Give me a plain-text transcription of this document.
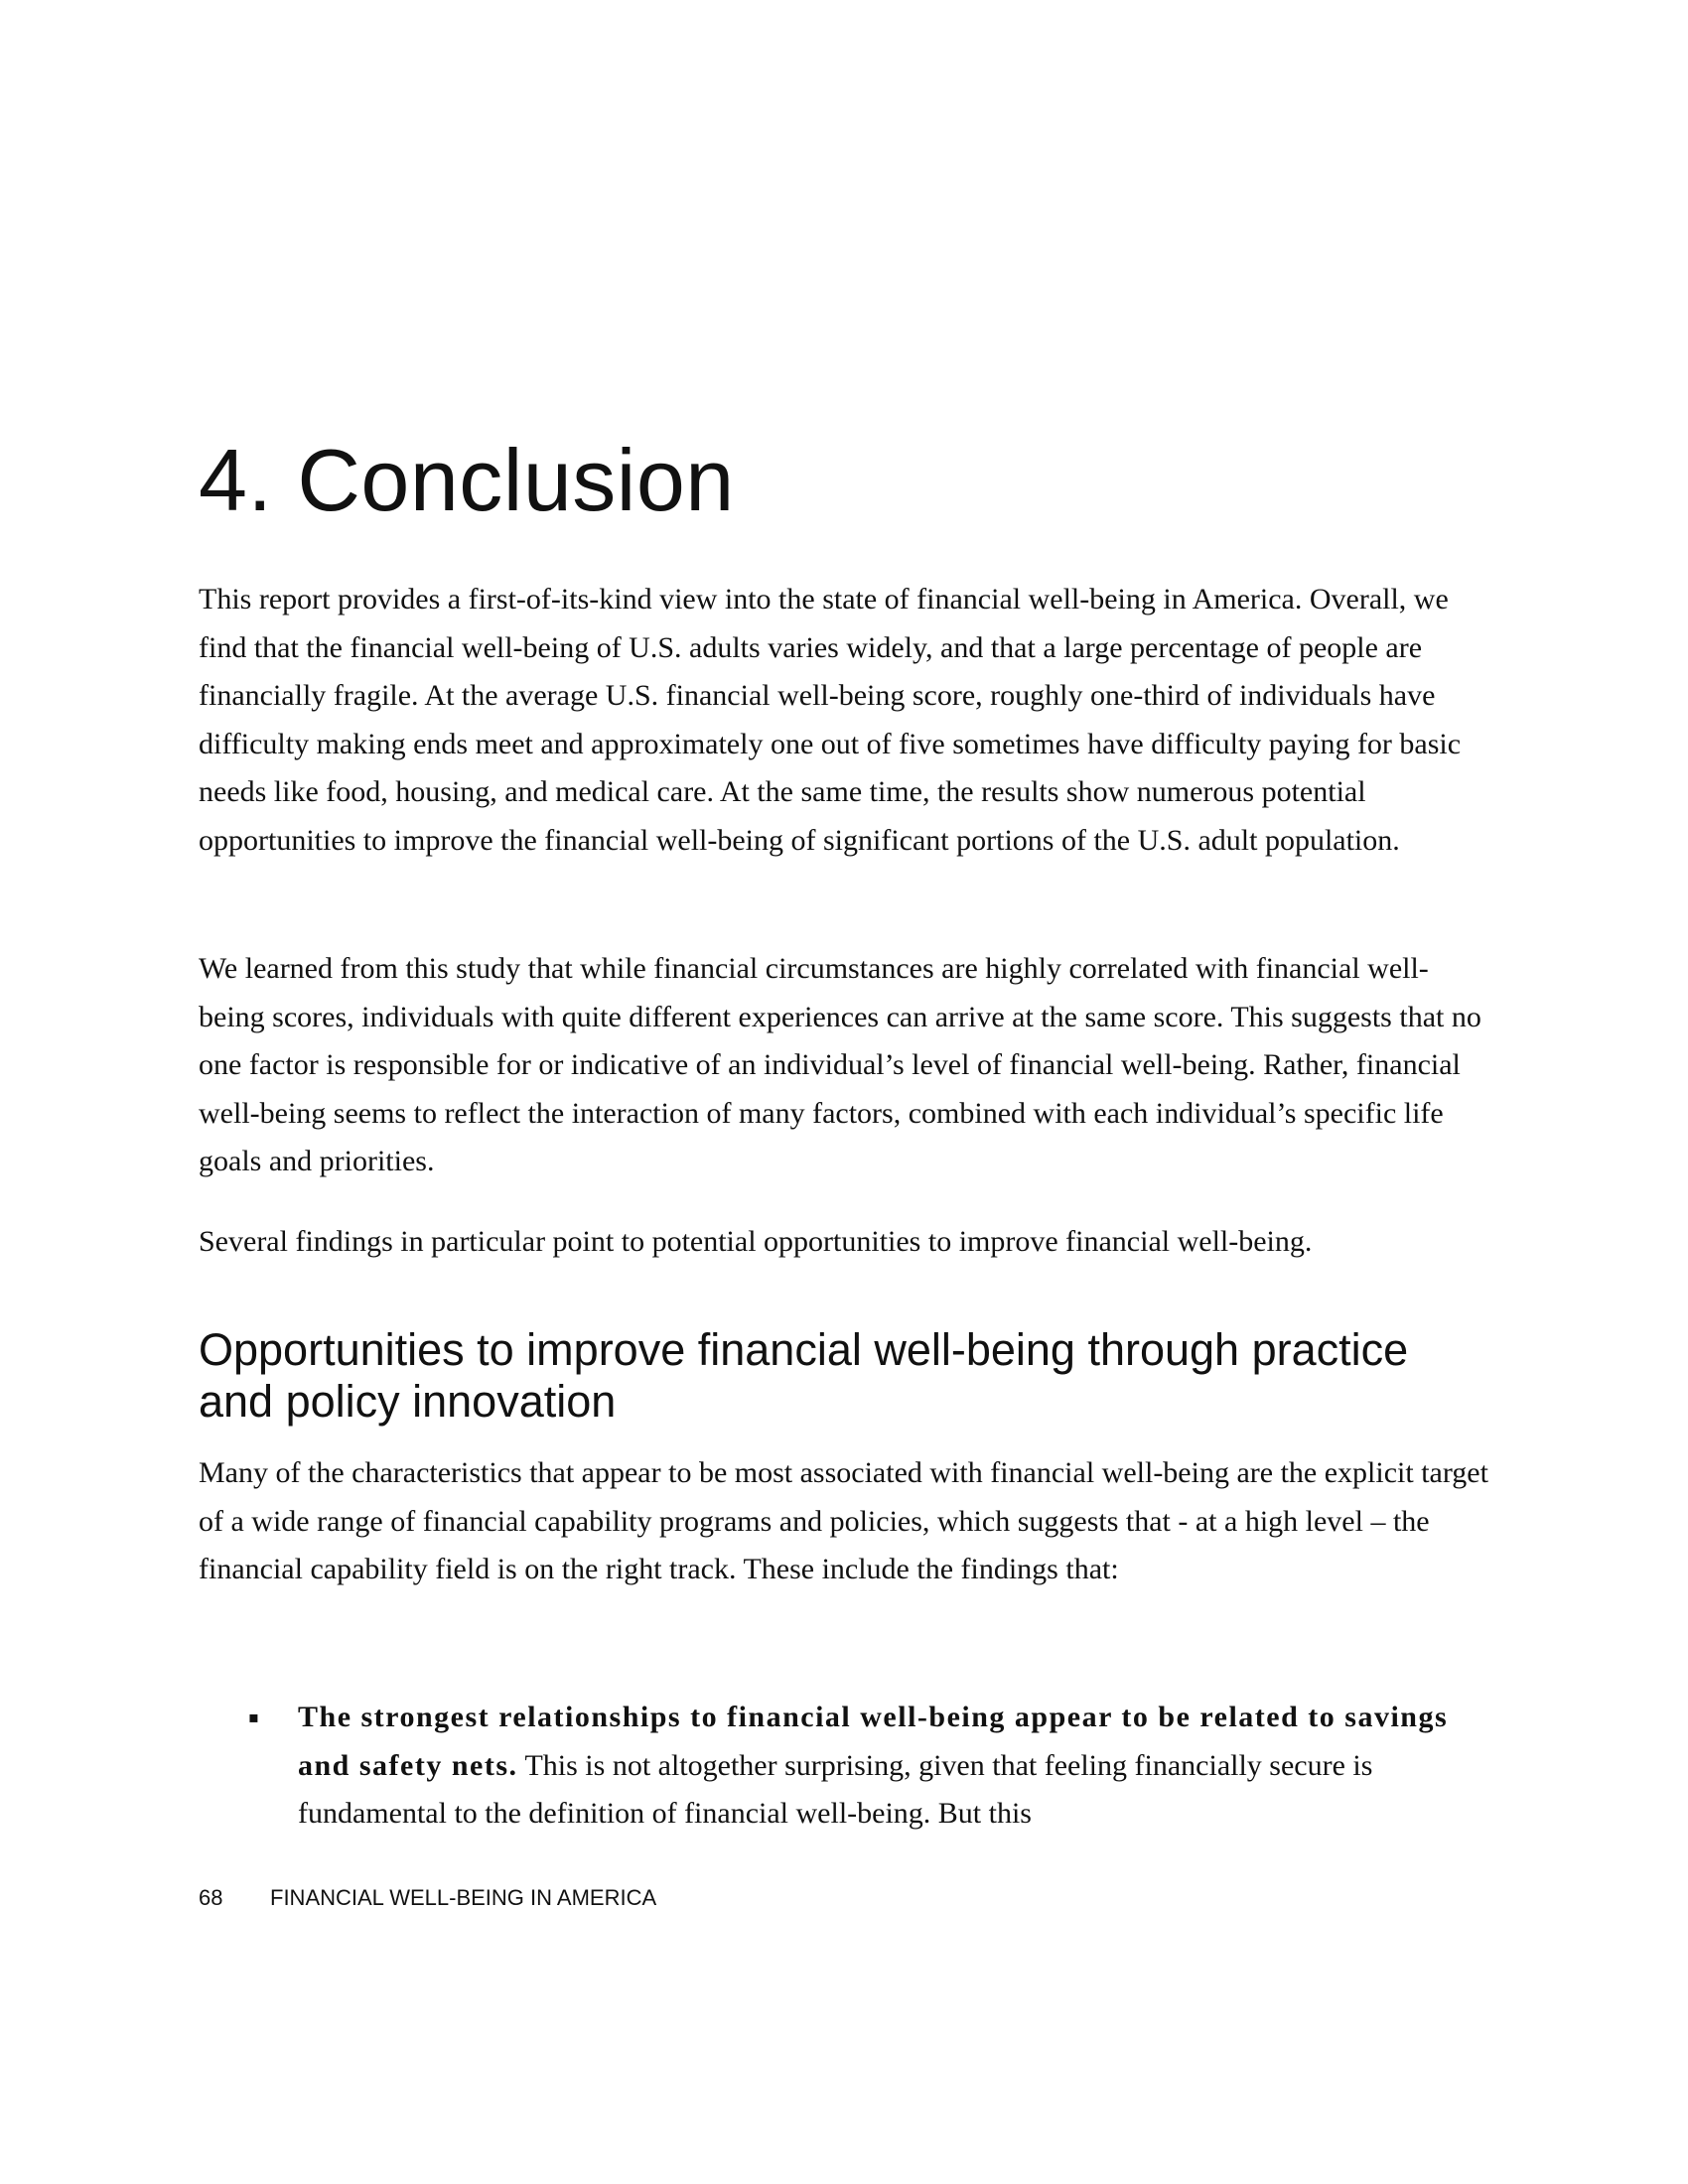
4. Conclusion

This report provides a first-of-its-kind view into the state of financial well-being in America. Overall, we find that the financial well-being of U.S. adults varies widely, and that a large percentage of people are financially fragile. At the average U.S. financial well-being score, roughly one-third of individuals have difficulty making ends meet and approximately one out of five sometimes have difficulty paying for basic needs like food, housing, and medical care. At the same time, the results show numerous potential opportunities to improve the financial well-being of significant portions of the U.S. adult population.

We learned from this study that while financial circumstances are highly correlated with financial well-being scores, individuals with quite different experiences can arrive at the same score. This suggests that no one factor is responsible for or indicative of an individual’s level of financial well-being. Rather, financial well-being seems to reflect the interaction of many factors, combined with each individual’s specific life goals and priorities.

Several findings in particular point to potential opportunities to improve financial well-being.

Opportunities to improve financial well-being through practice and policy innovation

Many of the characteristics that appear to be most associated with financial well-being are the explicit target of a wide range of financial capability programs and policies, which suggests that - at a high level – the financial capability field is on the right track. These include the findings that:

▪ The strongest relationships to financial well-being appear to be related to savings and safety nets. This is not altogether surprising, given that feeling financially secure is fundamental to the definition of financial well-being. But this
68 FINANCIAL WELL-BEING IN AMERICA
